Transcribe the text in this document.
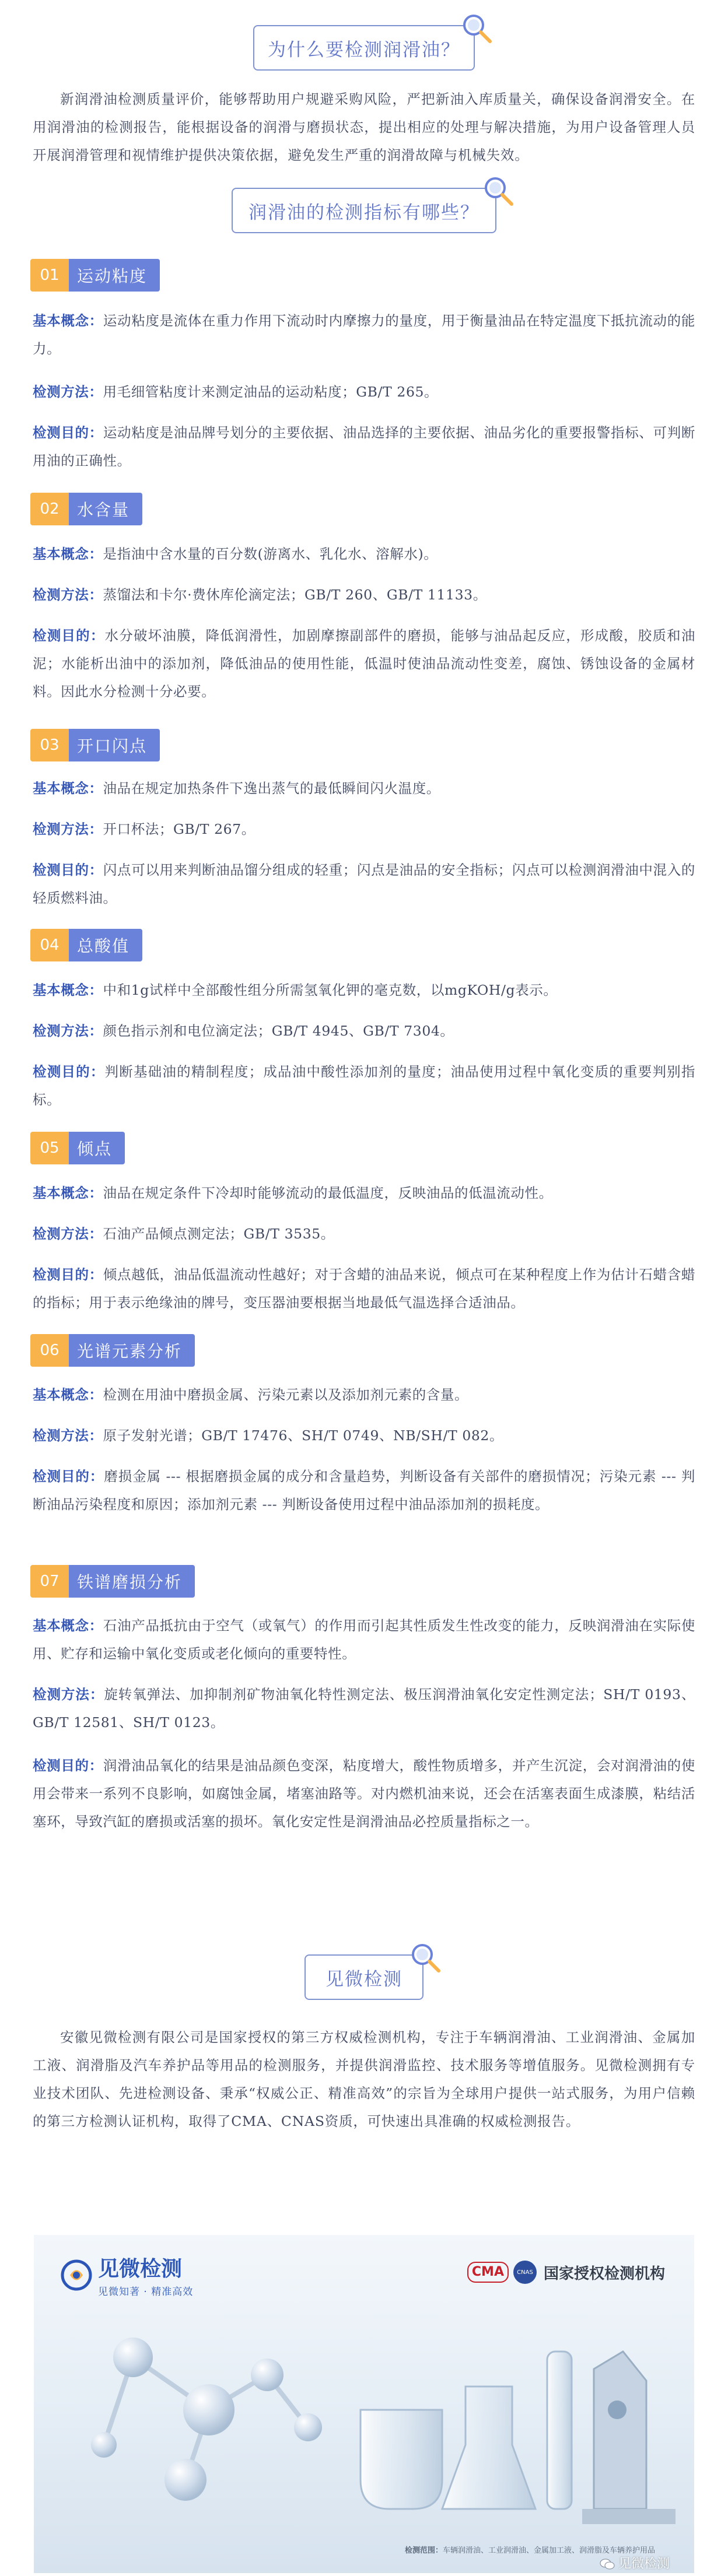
为什么要检测润滑油？

新润滑油检测质量评价，能够帮助用户规避采购风险，严把新油入库质量关，确保设备润滑安全。在用润滑油的检测报告，能根据设备的润滑与磨损状态，提出相应的处理与解决措施，为用户设备管理人员开展润滑管理和视情维护提供决策依据，避免发生严重的润滑故障与机械失效。

润滑油的检测指标有哪些？
01	运动粘度

基本概念：运动粘度是流体在重力作用下流动时内摩擦力的量度，用于衡量油品在特定温度下抵抗流动的能力。

检测方法：用毛细管粘度计来测定油品的运动粘度；GB/T 265。

检测目的：运动粘度是油品牌号划分的主要依据、油品选择的主要依据、油品劣化的重要报警指标、可判断用油的正确性。

02	水含量

基本概念：是指油中含水量的百分数(游离水、乳化水、溶解水)。

检测方法：蒸馏法和卡尔·费休库伦滴定法；GB/T 260、GB/T 11133。

检测目的：水分破坏油膜，降低润滑性，加剧摩擦副部件的磨损，能够与油品起反应，形成酸，胶质和油泥；水能析出油中的添加剂，降低油品的使用性能，低温时使油品流动性变差，腐蚀、锈蚀设备的金属材料。因此水分检测十分必要。

03	开口闪点

基本概念：油品在规定加热条件下逸出蒸气的最低瞬间闪火温度。

检测方法：开口杯法；GB/T 267。

检测目的：闪点可以用来判断油品馏分组成的轻重；闪点是油品的安全指标；闪点可以检测润滑油中混入的轻质燃料油。

04	总酸值

基本概念：中和1g试样中全部酸性组分所需氢氧化钾的毫克数，以mgKOH/g表示。

检测方法：颜色指示剂和电位滴定法；GB/T 4945、GB/T 7304。

检测目的：判断基础油的精制程度；成品油中酸性添加剂的量度；油品使用过程中氧化变质的重要判别指标。

05	倾点

基本概念：油品在规定条件下冷却时能够流动的最低温度，反映油品的低温流动性。

检测方法：石油产品倾点测定法；GB/T 3535。

检测目的：倾点越低，油品低温流动性越好；对于含蜡的油品来说，倾点可在某种程度上作为估计石蜡含蜡的指标；用于表示绝缘油的牌号，变压器油要根据当地最低气温选择合适油品。

06	光谱元素分析

基本概念：检测在用油中磨损金属、污染元素以及添加剂元素的含量。

检测方法：原子发射光谱；GB/T 17476、SH/T 0749、NB/SH/T 082。

检测目的：磨损金属 --- 根据磨损金属的成分和含量趋势，判断设备有关部件的磨损情况；污染元素 --- 判断油品污染程度和原因；添加剂元素 --- 判断设备使用过程中油品添加剂的损耗度。

07	铁谱磨损分析

基本概念：石油产品抵抗由于空气（或氧气）的作用而引起其性质发生性改变的能力，反映润滑油在实际使用、贮存和运输中氧化变质或老化倾向的重要特性。

检测方法：旋转氧弹法、加抑制剂矿物油氧化特性测定法、极压润滑油氧化安定性测定法；SH/T 0193、GB/T 12581、SH/T 0123。

检测目的：润滑油品氧化的结果是油品颜色变深，粘度增大，酸性物质增多，并产生沉淀，会对润滑油的使用会带来一系列不良影响，如腐蚀金属，堵塞油路等。对内燃机油来说，还会在活塞表面生成漆膜，粘结活塞环，导致汽缸的磨损或活塞的损坏。氧化安定性是润滑油品必控质量指标之一。

见微检测

安徽见微检测有限公司是国家授权的第三方权威检测机构，专注于车辆润滑油、工业润滑油、金属加工液、润滑脂及汽车养护品等用品的检测服务，并提供润滑监控、技术服务等增值服务。见微检测拥有专业技术团队、先进检测设备、秉承“权威公正、精准高效”的宗旨为全球用户提供一站式服务，为用户信赖的第三方检测认证机构，取得了CMA、CNAS资质，可快速出具准确的权威检测报告。

见微检测
见微知著 · 精准高效
CMA	CNAS 国家授权检测机构
检测范围：车辆润滑油、工业润滑油、金属加工液、润滑脂及车辆养护用品
见微检测
